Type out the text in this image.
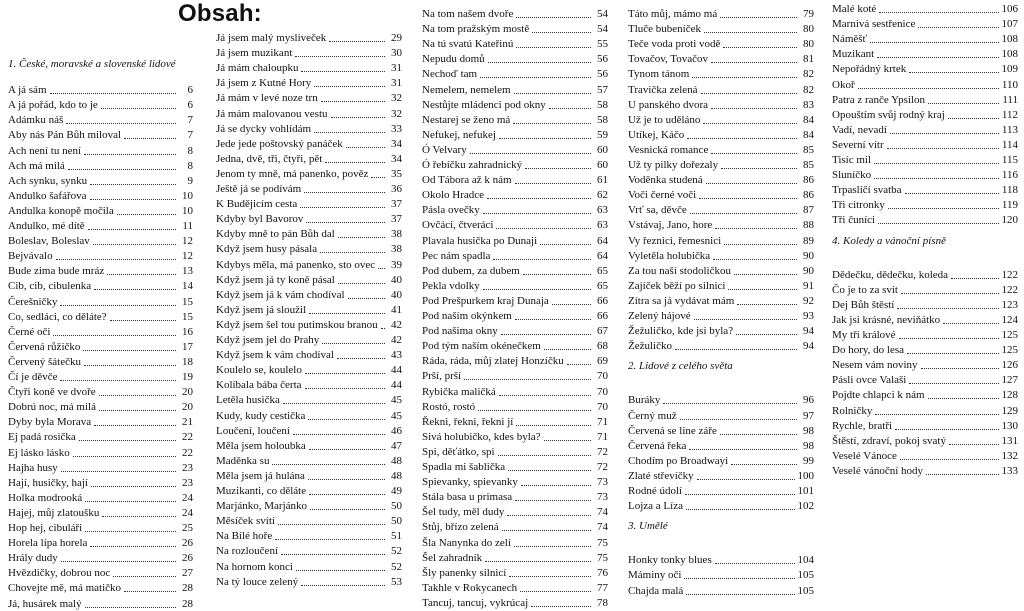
Obsah:
1. České, moravské a slovenské lidové
A já sám	6
A já pořád, kdo to je	6
Adámku náš	7
Aby nás Pán Bůh miloval	7
Ach není tu není	8
Ach má milá	8
Ach synku, synku	9
Andulko šafářova	10
Andulka konopě močila	10
Andulko, mé dítě	11
Boleslav, Boleslav	12
Bejvávalo	12
Bude zima bude mráz	13
Cib, cib, cibulenka	14
Čerešničky	15
Co, sedláci, co děláte?	15
Černé oči	16
Červená růžičko	17
Červený šátečku	18
Čí je děvče	19
Čtyři koně ve dvoře	20
Dobrú noc, má milá	20
Dyby byla Morava	21
Ej padá rosička	22
Ej lásko lásko	22
Hajha husy	23
Hají, husičky, hají	23
Holka modrooká	24
Hajej, můj zlatoušku	24
Hop hej, cibuláři	25
Horela lípa horela	26
Hrály dudy	26
Hvězdičky, dobrou noc	27
Chovejte mě, má matičko	28
Já, husárek malý	28
Já jsem malý myslivеček	29
Já jsem muzikant	30
Já mám chaloupku	31
Já jsem z Kutné Hory	31
Já mám v levé noze trn	32
Já mám malovanou vestu	32
Já se dycky vohlídám	33
Jede jede poštovský panáček	34
Jedna, dvě, tři, čtyři, pět	34
Jenom ty mně, má panenko, pověz 35
Ještě já se podívám	36
K Budějicím cesta	37
Kdyby byl Bavorov	37
Kdyby mně to pán Bůh dal	38
Když jsem husy pásala	38
Kdybys měla, má panenko, sto ovec 39
Když jsem já ty koně pásal	40
Když jsem já k vám chodíval	40
Když jsem já sloužil	41
Když jsem šel tou putimskou branou 42
Když jsem jel do Prahy	42
Když jsem k vám chodíval	43
Koulelo se, koulelo	44
Kolíbala bába čerta	44
Letěla husička	45
Kudy, kudy cestička	45
Loučení, loučení	46
Měla jsem holoubka	47
Maděnka su	48
Měla jsem já hulána	48
Muzikanti, co děláte	49
Marjánko, Marjánko	50
Měsíček svítí	50
Na Bílé hoře	51
Na rozloučení	52
Na hornom konci	52
Na tý louce zelený	53
Na tom našem dvoře	54
Na tom pražským mostě	54
Na tú svatú Kateřinú	55
Nepudu domů	56
Nechoď tam	56
Nemelem, nemelem	57
Nestůjte mládenci pod okny	58
Nestarej se ženo má	58
Nefukej, nefukej	59
Ó Velvary	60
Ó řebíčku zahradnický	60
Od Tábora až k nám	61
Okolo Hradce	62
Pásla ovečky	63
Ovčáci, čtveráci	63
Plavala husička po Dunaji	64
Pec nám spadla	64
Pod dubem, za dubem	65
Pekla vdolky	65
Pod Prešpurkem kraj Dunaja	66
Pod naším okýnkem	66
Pod našima okny	67
Pod tým naším okénečkem	68
Ráda, ráda, můj zlatej Honzíčku	69
Prší, prší	70
Rybička maličká	70
Rostó, rostó	70
Řekni, řekni, řekni jí	71
Sivá holubičko, kdes byla?	71
Spi, děťátko, spi	72
Spadla mi šablička	72
Spievanky, spievanky	73
Stála basa u primasa	73
Šel tudy, měl dudy	74
Stůj, břízo zelená	74
Šla Nanynka do zelí	75
Šel zahradník	75
Šly panenky silnicí	76
Takhle v Rokycanech	77
Tancuj, tancuj, vykrúcaj	78
Táto můj, mámo má	79
Tluče bubeníček	80
Teče voda proti vodě	80
Tovačov, Tovačov	81
Tynom tánom	82
Travička zelená	82
U panského dvora	83
Už je to uděláno	84
Utíkej, Káčo	84
Vesnická romance	85
Už ty pilky dořezaly	85
Voděnka studená	86
Voči černé voči	86
Vrť sa, děvče	87
Vstávaj, Jano, hore	88
Vy řeznici, řemesnici	89
Vyletěla holubička	90
Za tou naší stodoličkou	90
Zajíček běží po silnici	91
Zítra sa já vydávat mám	92
Zelený hájové	93
Žežuličko, kde jsi byla?	94
Žežuličko	94
2. Lidové z celého světa
Buráky	96
Černý muž	97
Červená se line záře	98
Červená řeka	98
Chodím po Broadwayi	99
Zlaté střevíčky	100
Rodné údolí	101
Lojza a Líza	102
3. Umělé
Honky tonky blues	104
Máminy oči	105
Chajda malá	105
Malé koté	106
Marnivá sestřenice	107
Náměšť	108
Muzikant	108
Nepořádný krtek	109
Okoř	110
Patra z ranče Ypsilon	111
Opouštím svůj rodný kraj	112
Vadí, nevadí	113
Severní vítr	114
Tisíc mil	115
Sluníčko	116
Trpasličí svatba	118
Tři citronky	119
Tři čuníci	120
4. Koledy a vánoční písně
Dědečku, dědečku, koleda	122
Čo je to za svit	122
Dej Bůh štěstí	123
Jak jsi krásné, neviňátko	124
My tři králové	125
Do hory, do lesa	125
Nesem vám noviny	126
Pásli ovce Valaši	127
Pojdte chlapci k nám	128
Rolničky	129
Rychle, bratři	130
Štěstí, zdraví, pokoj svatý	131
Veselé Vánoce	132
Veselé vánoční hody	133
